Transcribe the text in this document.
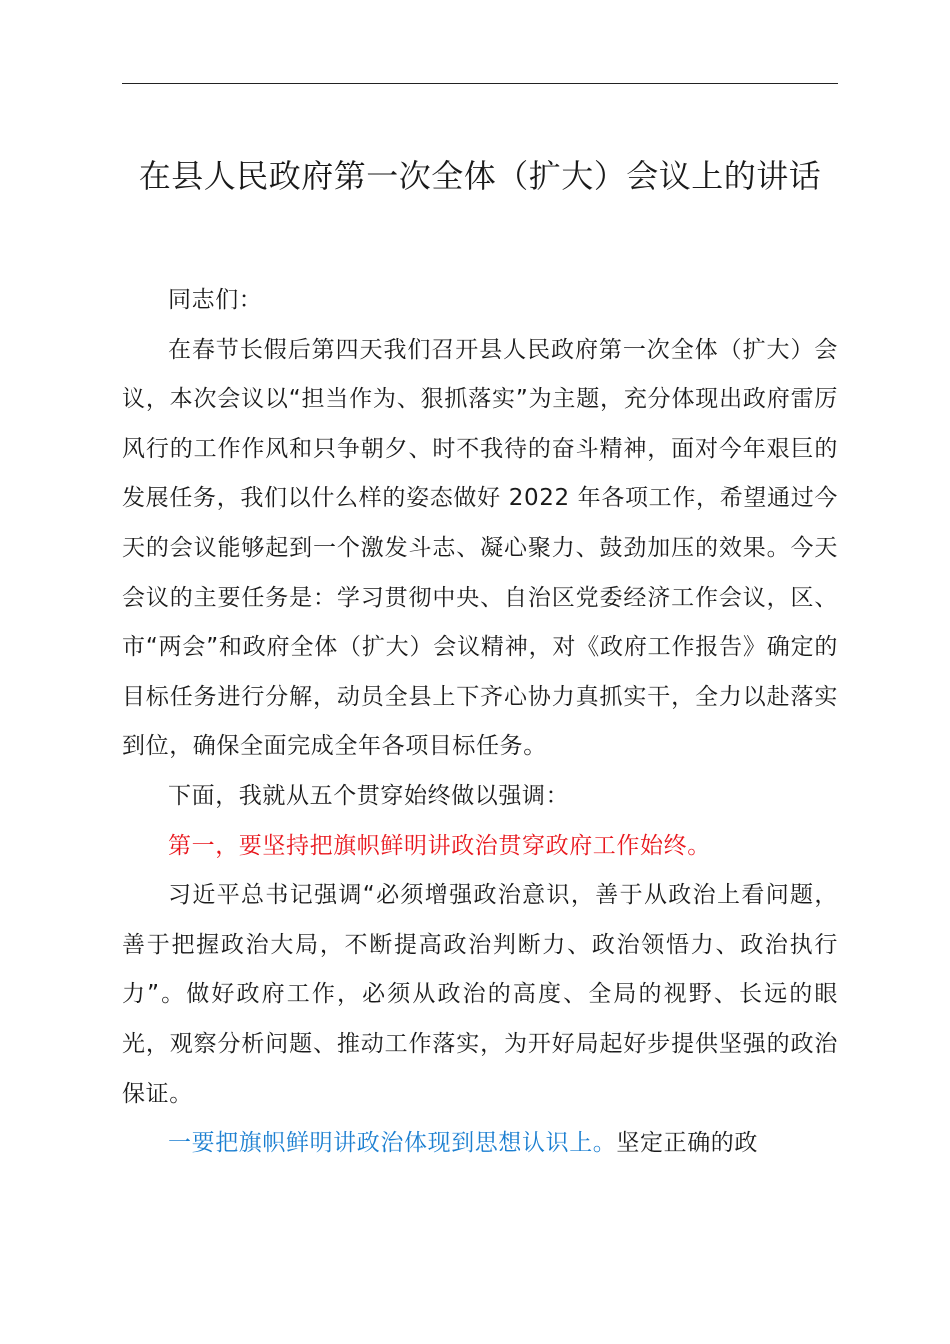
在县人民政府第一次全体（扩大）会议上的讲话

同志们：

在春节长假后第四天我们召开县人民政府第一次全体（扩大）会议，本次会议以“担当作为、狠抓落实”为主题，充分体现出政府雷厉风行的工作作风和只争朝夕、时不我待的奋斗精神，面对今年艰巨的发展任务，我们以什么样的姿态做好 2022 年各项工作，希望通过今天的会议能够起到一个激发斗志、凝心聚力、鼓劲加压的效果。今天会议的主要任务是：学习贯彻中央、自治区党委经济工作会议，区、市“两会”和政府全体（扩大）会议精神，对《政府工作报告》确定的目标任务进行分解，动员全县上下齐心协力真抓实干，全力以赴落实到位，确保全面完成全年各项目标任务。

下面，我就从五个贯穿始终做以强调：

第一，要坚持把旗帜鲜明讲政治贯穿政府工作始终。

习近平总书记强调“必须增强政治意识，善于从政治上看问题，善于把握政治大局，不断提高政治判断力、政治领悟力、政治执行力”。做好政府工作，必须从政治的高度、全局的视野、长远的眼光，观察分析问题、推动工作落实，为开好局起好步提供坚强的政治保证。

一要把旗帜鲜明讲政治体现到思想认识上。坚定正确的政
